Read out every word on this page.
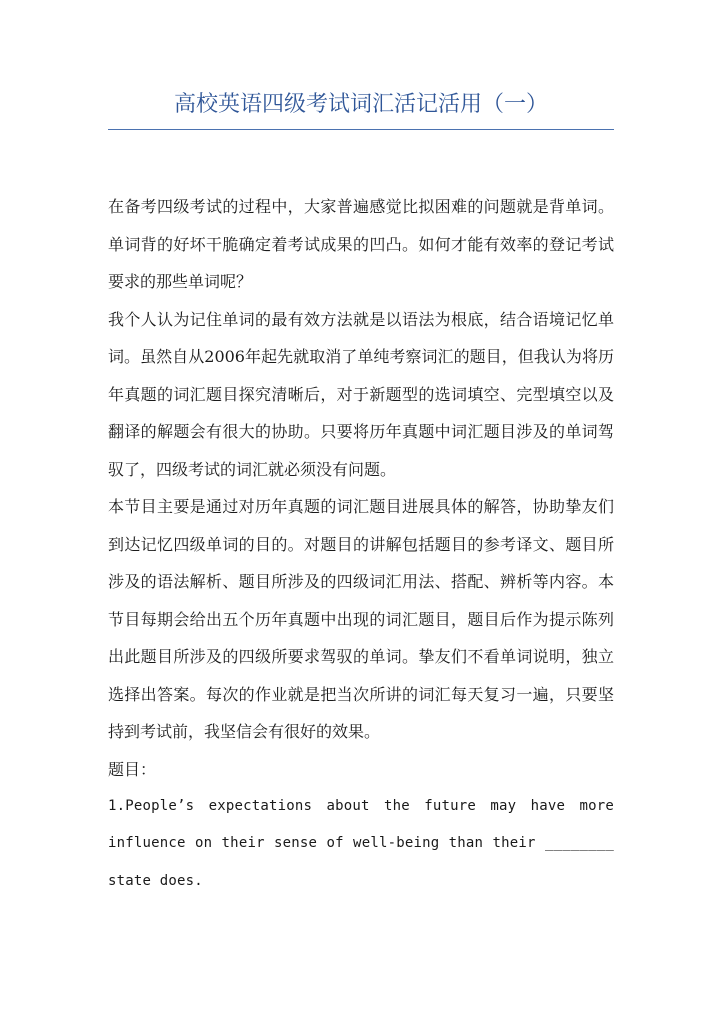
高校英语四级考试词汇活记活用（一）

在备考四级考试的过程中，大家普遍感觉比拟困难的问题就是背单词。单词背的好坏干脆确定着考试成果的凹凸。如何才能有效率的登记考试要求的那些单词呢？

我个人认为记住单词的最有效方法就是以语法为根底，结合语境记忆单词。虽然自从2006年起先就取消了单纯考察词汇的题目，但我认为将历年真题的词汇题目探究清晰后，对于新题型的选词填空、完型填空以及翻译的解题会有很大的协助。只要将历年真题中词汇题目涉及的单词驾驭了，四级考试的词汇就必须没有问题。

本节目主要是通过对历年真题的词汇题目进展具体的解答，协助挚友们到达记忆四级单词的目的。对题目的讲解包括题目的参考译文、题目所涉及的语法解析、题目所涉及的四级词汇用法、搭配、辨析等内容。本节目每期会给出五个历年真题中出现的词汇题目，题目后作为提示陈列出此题目所涉及的四级所要求驾驭的单词。挚友们不看单词说明，独立选择出答案。每次的作业就是把当次所讲的词汇每天复习一遍，只要坚持到考试前，我坚信会有很好的效果。

题目：

1.People’s expectations about the future may have more influence on their sense of well-being than their ________ state does.
